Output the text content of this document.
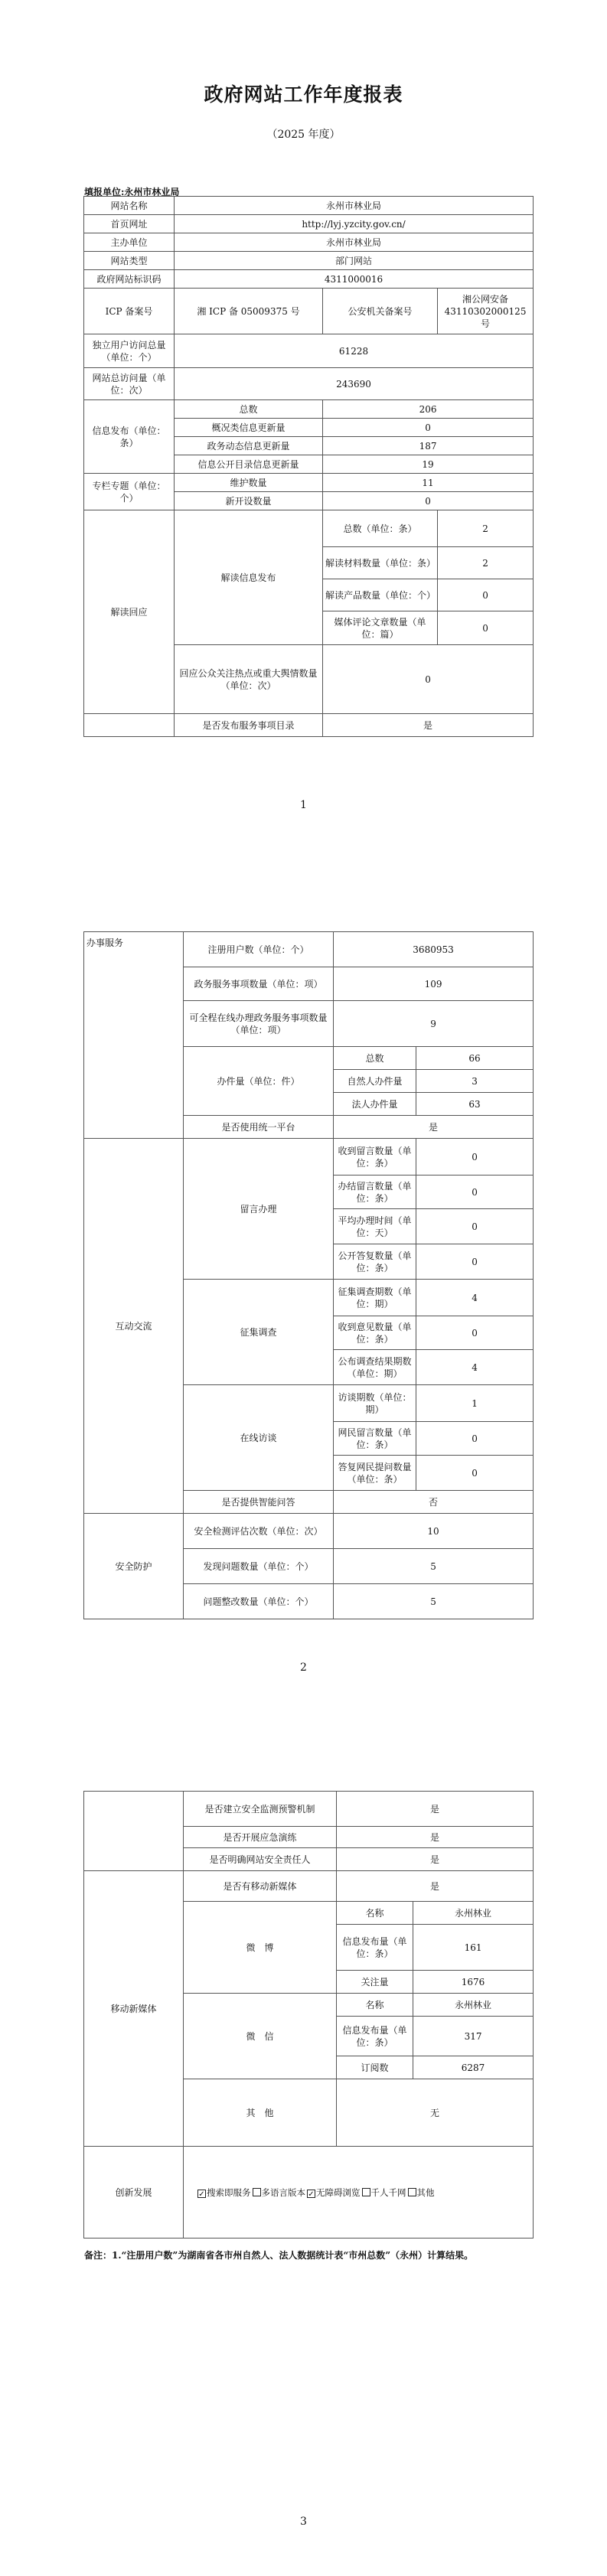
政府网站工作年度报表
（2025 年度）
填报单位:永州市林业局
网站名称	永州市林业局		
首页网址	http://lyj.yzcity.gov.cn/		
主办单位	永州市林业局		
网站类型	部门网站		
政府网站标识码	4311000016		
ICP 备案号	湘 ICP 备 05009375 号	公安机关备案号	湘公网安备 43110302000125 号
独立用户访问总量（单位：个）	61228		
网站总访问量（单位：次）	243690		
信息发布（单位：条）	总数	206	
	概况类信息更新量	0	
	政务动态信息更新量	187	
	信息公开目录信息更新量	19	
专栏专题（单位：个）	维护数量	11	
	新开设数量	0	
解读回应	解读信息发布	总数（单位：条）	2
		解读材料数量（单位：条）	2
		解读产品数量（单位：个）	0
		媒体评论文章数量（单位：篇）	0
	回应公众关注热点或重大舆情数量（单位：次）	0	
	是否发布服务事项目录	是	
1
办事服务	注册用户数（单位：个）	3680953	
	政务服务事项数量（单位：项）	109	
	可全程在线办理政务服务事项数量（单位：项）	9	
	办件量（单位：件）	总数	66
		自然人办件量	3
		法人办件量	63
	是否使用统一平台	是	
互动交流	留言办理	收到留言数量（单位：条）	0
		办结留言数量（单位：条）	0
		平均办理时间（单位：天）	0
		公开答复数量（单位：条）	0
	征集调查	征集调查期数（单位：期）	4
		收到意见数量（单位：条）	0
		公布调查结果期数（单位：期）	4
	在线访谈	访谈期数（单位：期）	1
		网民留言数量（单位：条）	0
		答复网民提问数量（单位：条）	0
	是否提供智能问答	否	
安全防护	安全检测评估次数（单位：次）	10	
	发现问题数量（单位：个）	5	
	问题整改数量（单位：个）	5	
2
	是否建立安全监测预警机制	是	
	是否开展应急演练	是	
	是否明确网站安全责任人	是	
移动新媒体	是否有移动新媒体	是	
	微　博	名称	永州林业
		信息发布量（单位：条）	161
		关注量	1676
	微　信	名称	永州林业
		信息发布量（单位：条）	317
		订阅数	6287
	其　他	无	
创新发展	✓ 搜索即服务 多语言版本 ✓ 无障碍浏览 千人千网 其他		
备注：1.“注册用户数”为湖南省各市州自然人、法人数据统计表“市州总数”（永州）计算结果。
3
